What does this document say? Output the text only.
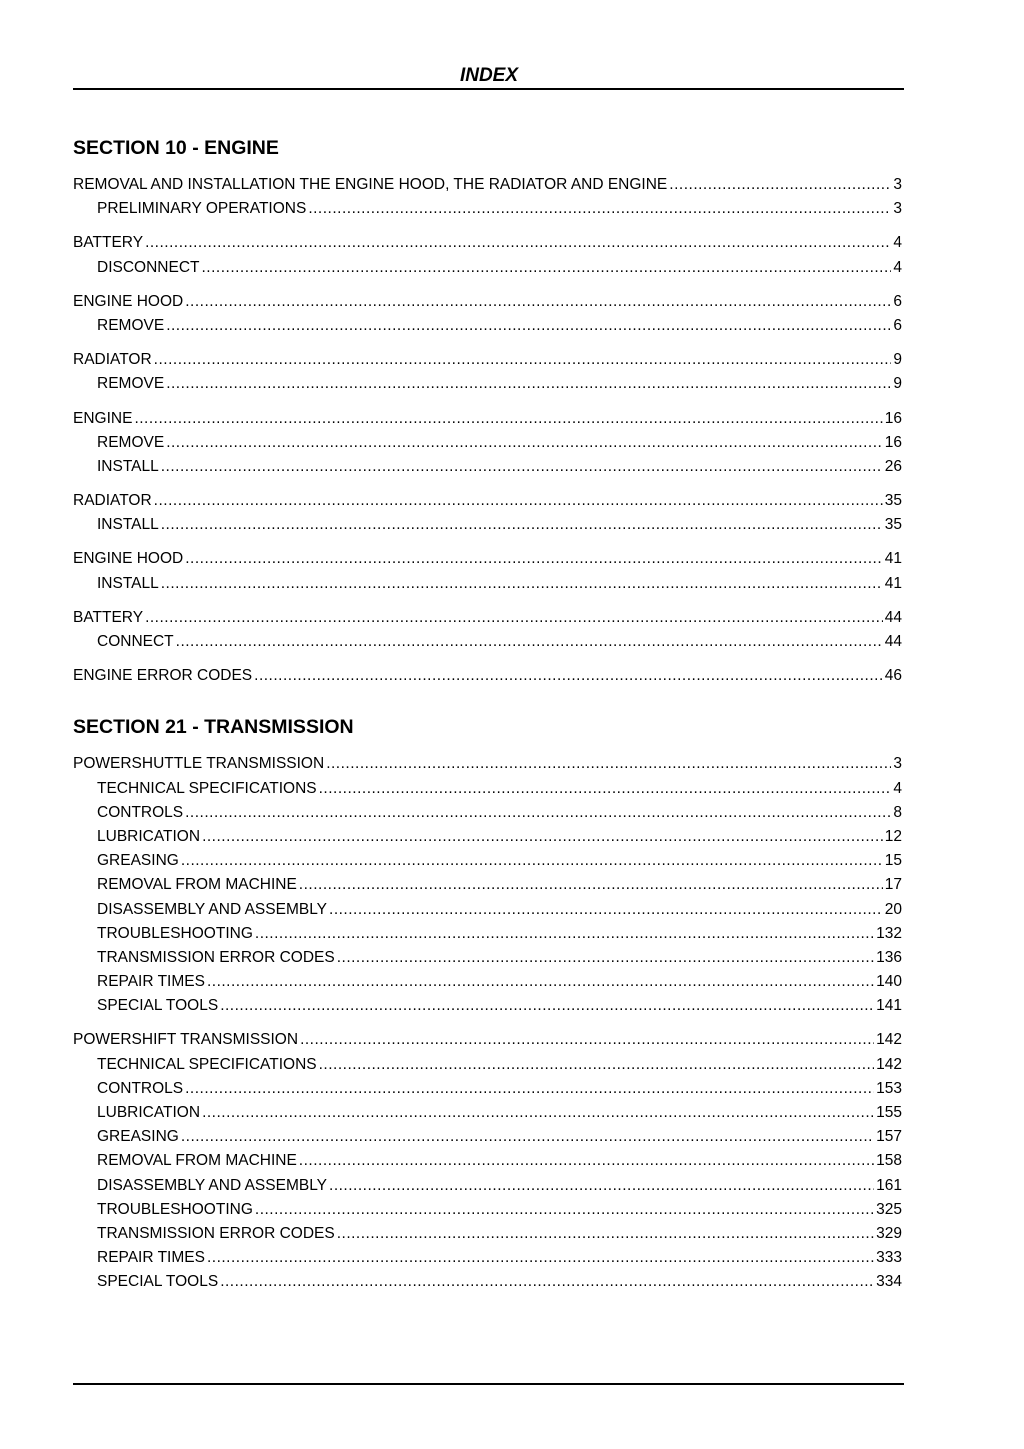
INDEX
SECTION 10 - ENGINE
REMOVAL AND INSTALLATION THE ENGINE HOOD, THE RADIATOR AND ENGINE .....	3
PRELIMINARY OPERATIONS .....	3
BATTERY .....	4
DISCONNECT .....	4
ENGINE HOOD .....	6
REMOVE .....	6
RADIATOR .....	9
REMOVE .....	9
ENGINE .....	16
REMOVE .....	16
INSTALL .....	26
RADIATOR .....	35
INSTALL .....	35
ENGINE HOOD .....	41
INSTALL .....	41
BATTERY .....	44
CONNECT .....	44
ENGINE ERROR CODES .....	46
SECTION 21 - TRANSMISSION
POWERSHUTTLE TRANSMISSION .....	3
TECHNICAL SPECIFICATIONS .....	4
CONTROLS .....	8
LUBRICATION .....	12
GREASING .....	15
REMOVAL FROM MACHINE .....	17
DISASSEMBLY AND ASSEMBLY .....	20
TROUBLESHOOTING .....	132
TRANSMISSION ERROR CODES .....	136
REPAIR TIMES .....	140
SPECIAL TOOLS .....	141
POWERSHIFT TRANSMISSION .....	142
TECHNICAL SPECIFICATIONS .....	142
CONTROLS .....	153
LUBRICATION .....	155
GREASING .....	157
REMOVAL FROM MACHINE .....	158
DISASSEMBLY AND ASSEMBLY .....	161
TROUBLESHOOTING .....	325
TRANSMISSION ERROR CODES .....	329
REPAIR TIMES .....	333
SPECIAL TOOLS .....	334
